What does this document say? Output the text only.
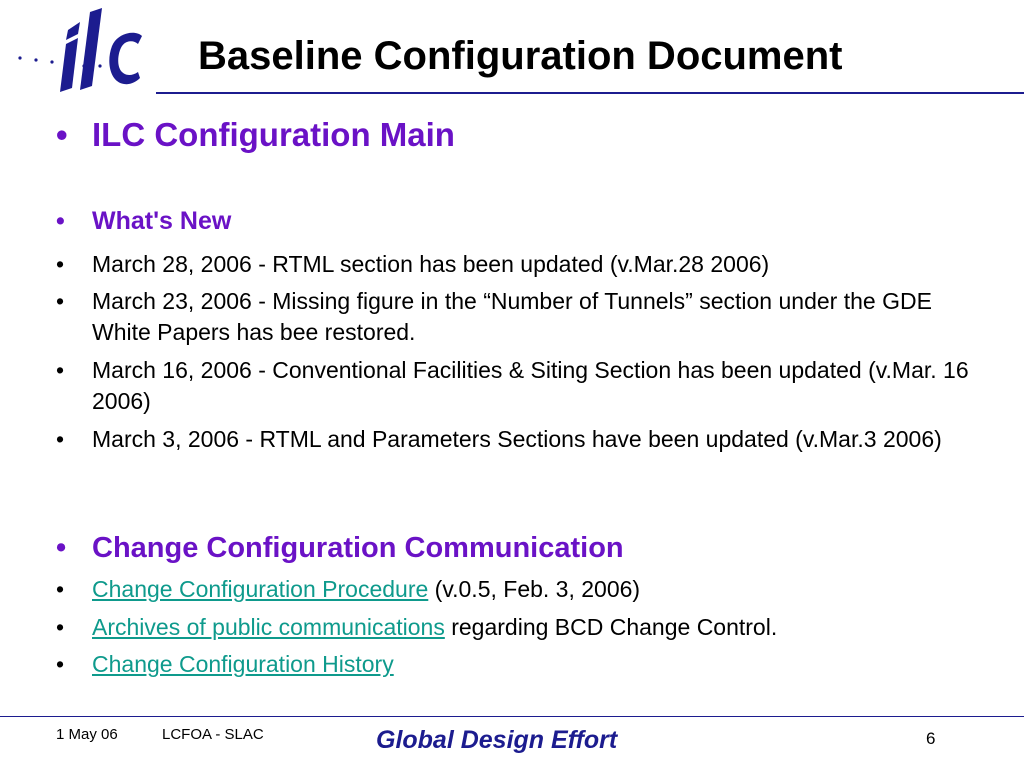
Baseline Configuration Document
• ILC Configuration Main
• What's New
• March 28, 2006 - RTML section has been updated (v.Mar.28 2006)
• March 23, 2006 - Missing figure in the “Number of Tunnels” section under the GDE White Papers has bee restored.
• March 16, 2006 - Conventional Facilities & Siting Section has been updated (v.Mar. 16 2006)
• March 3, 2006 - RTML and Parameters Sections have been updated (v.Mar.3 2006)
• Change Configuration Communication
• Change Configuration Procedure (v.0.5, Feb. 3, 2006)
• Archives of public communications regarding BCD Change Control.
• Change Configuration History
1 May 06	LCFOA - SLAC	Global Design Effort	6
